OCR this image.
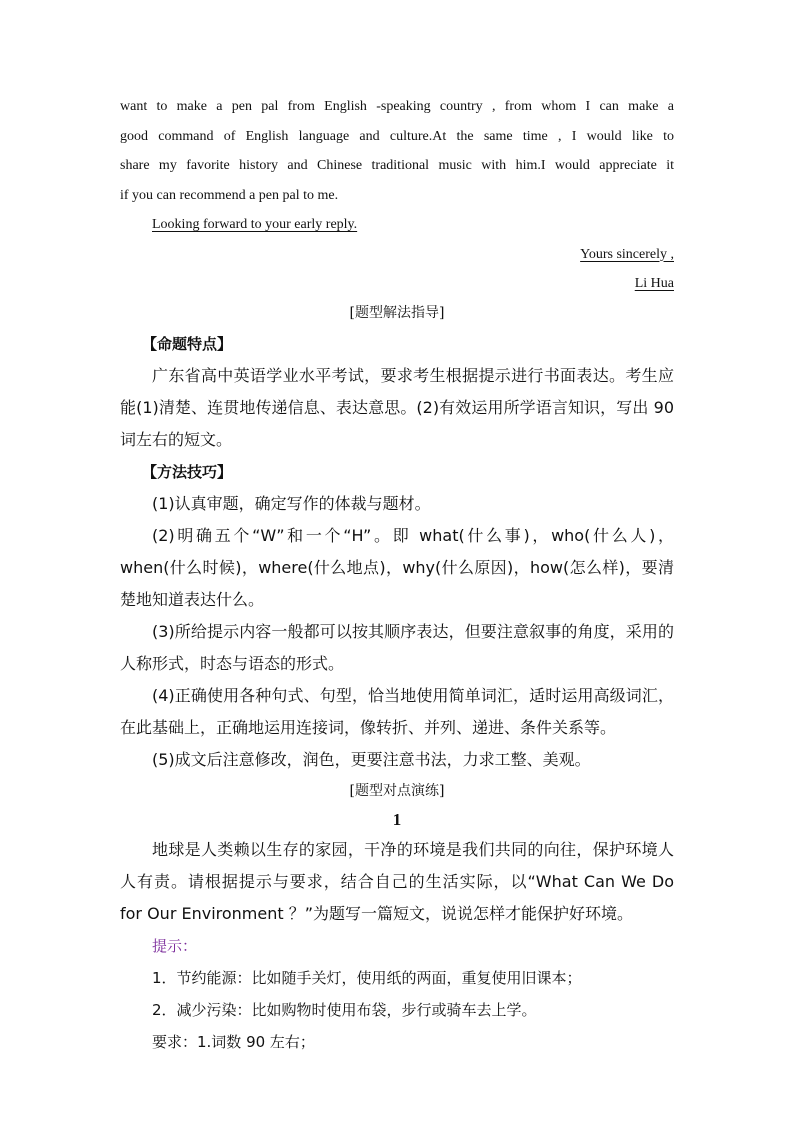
want to make a pen pal from English -speaking country , from whom I can make a

good command of English language and culture.At the same time , I would like to

share my favorite history and Chinese traditional music with him.I would appreciate it

if you can recommend a pen pal to me.

Looking forward to your early reply.

Yours sincerely ,

Li Hua

[题型解法指导]

【命题特点】

广东省高中英语学业水平考试，要求考生根据提示进行书面表达。考生应能(1)清楚、连贯地传递信息、表达意思。(2)有效运用所学语言知识，写出 90 词左右的短文。

【方法技巧】

(1)认真审题，确定写作的体裁与题材。

(2)明确五个“W”和一个“H”。即 what(什么事)，who(什么人)，when(什么时候)，where(什么地点)，why(什么原因)，how(怎么样)，要清楚地知道表达什么。

(3)所给提示内容一般都可以按其顺序表达，但要注意叙事的角度，采用的人称形式，时态与语态的形式。

(4)正确使用各种句式、句型，恰当地使用简单词汇，适时运用高级词汇，在此基础上，正确地运用连接词，像转折、并列、递进、条件关系等。

(5)成文后注意修改，润色，更要注意书法，力求工整、美观。

[题型对点演练]

1

地球是人类赖以生存的家园，干净的环境是我们共同的向往，保护环境人人有责。请根据提示与要求，结合自己的生活实际，以“What Can We Do for Our Environment ？”为题写一篇短文，说说怎样才能保护好环境。

提示：

1．节约能源：比如随手关灯，使用纸的两面，重复使用旧课本；

2．减少污染：比如购物时使用布袋，步行或骑车去上学。

要求：1.词数 90 左右；
